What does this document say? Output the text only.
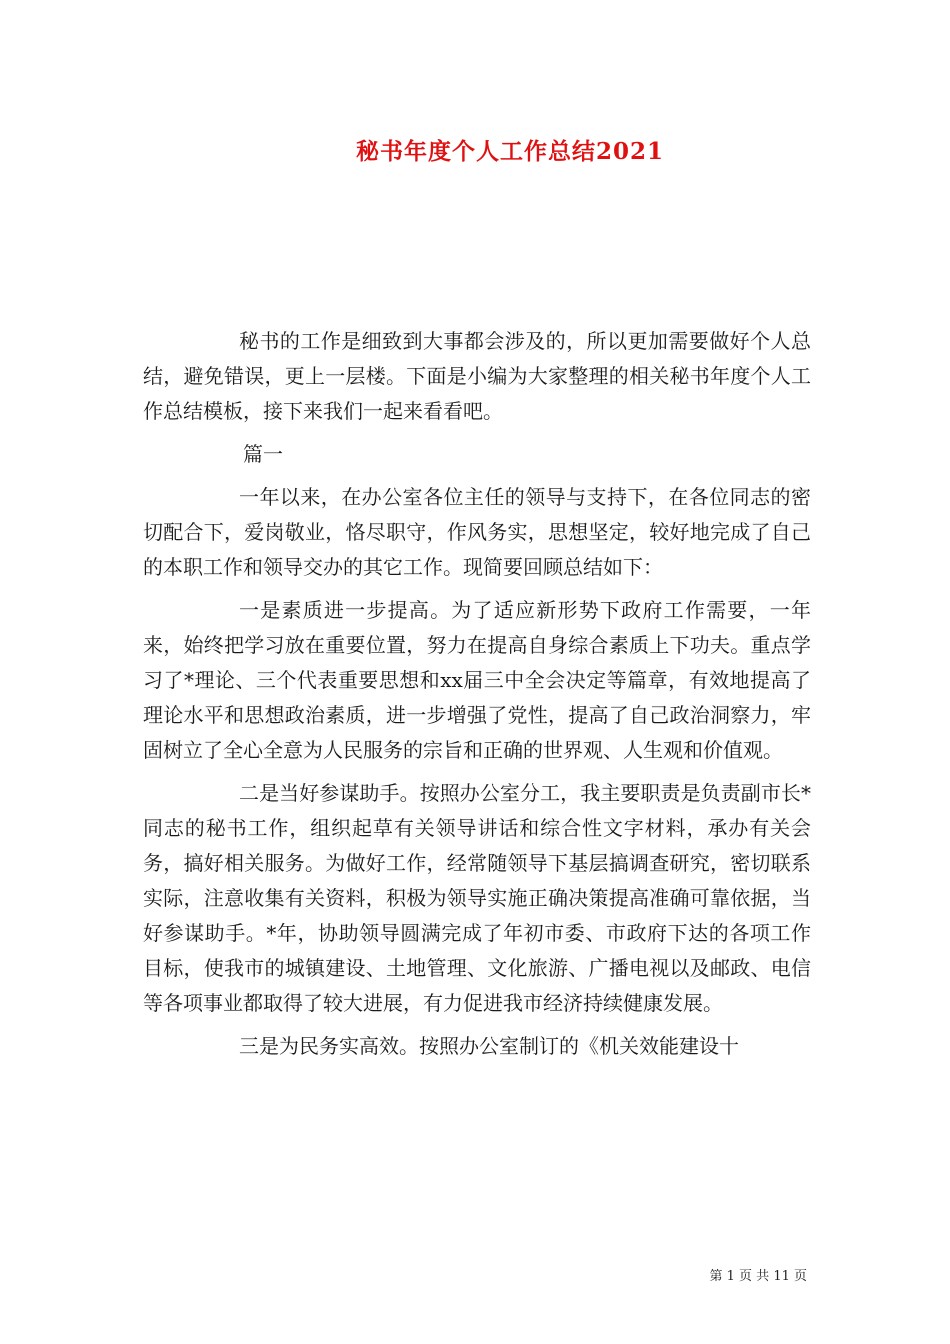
秘书年度个人工作总结2021

秘书的工作是细致到大事都会涉及的，所以更加需要做好个人总结，避免错误，更上一层楼。下面是小编为大家整理的相关秘书年度个人工作总结模板，接下来我们一起来看看吧。

篇一

一年以来，在办公室各位主任的领导与支持下，在各位同志的密切配合下，爱岗敬业，恪尽职守，作风务实，思想坚定，较好地完成了自己的本职工作和领导交办的其它工作。现简要回顾总结如下：

一是素质进一步提高。为了适应新形势下政府工作需要，一年来，始终把学习放在重要位置，努力在提高自身综合素质上下功夫。重点学习了*理论、三个代表重要思想和xx届三中全会决定等篇章，有效地提高了理论水平和思想政治素质，进一步增强了党性，提高了自己政治洞察力，牢固树立了全心全意为人民服务的宗旨和正确的世界观、人生观和价值观。

二是当好参谋助手。按照办公室分工，我主要职责是负责副市长*同志的秘书工作，组织起草有关领导讲话和综合性文字材料，承办有关会务，搞好相关服务。为做好工作，经常随领导下基层搞调查研究，密切联系实际，注意收集有关资料，积极为领导实施正确决策提高准确可靠依据，当好参谋助手。*年，协助领导圆满完成了年初市委、市政府下达的各项工作目标，使我市的城镇建设、土地管理、文化旅游、广播电视以及邮政、电信等各项事业都取得了较大进展，有力促进我市经济持续健康发展。

三是为民务实高效。按照办公室制订的《机关效能建设十

第 1 页 共 11 页
